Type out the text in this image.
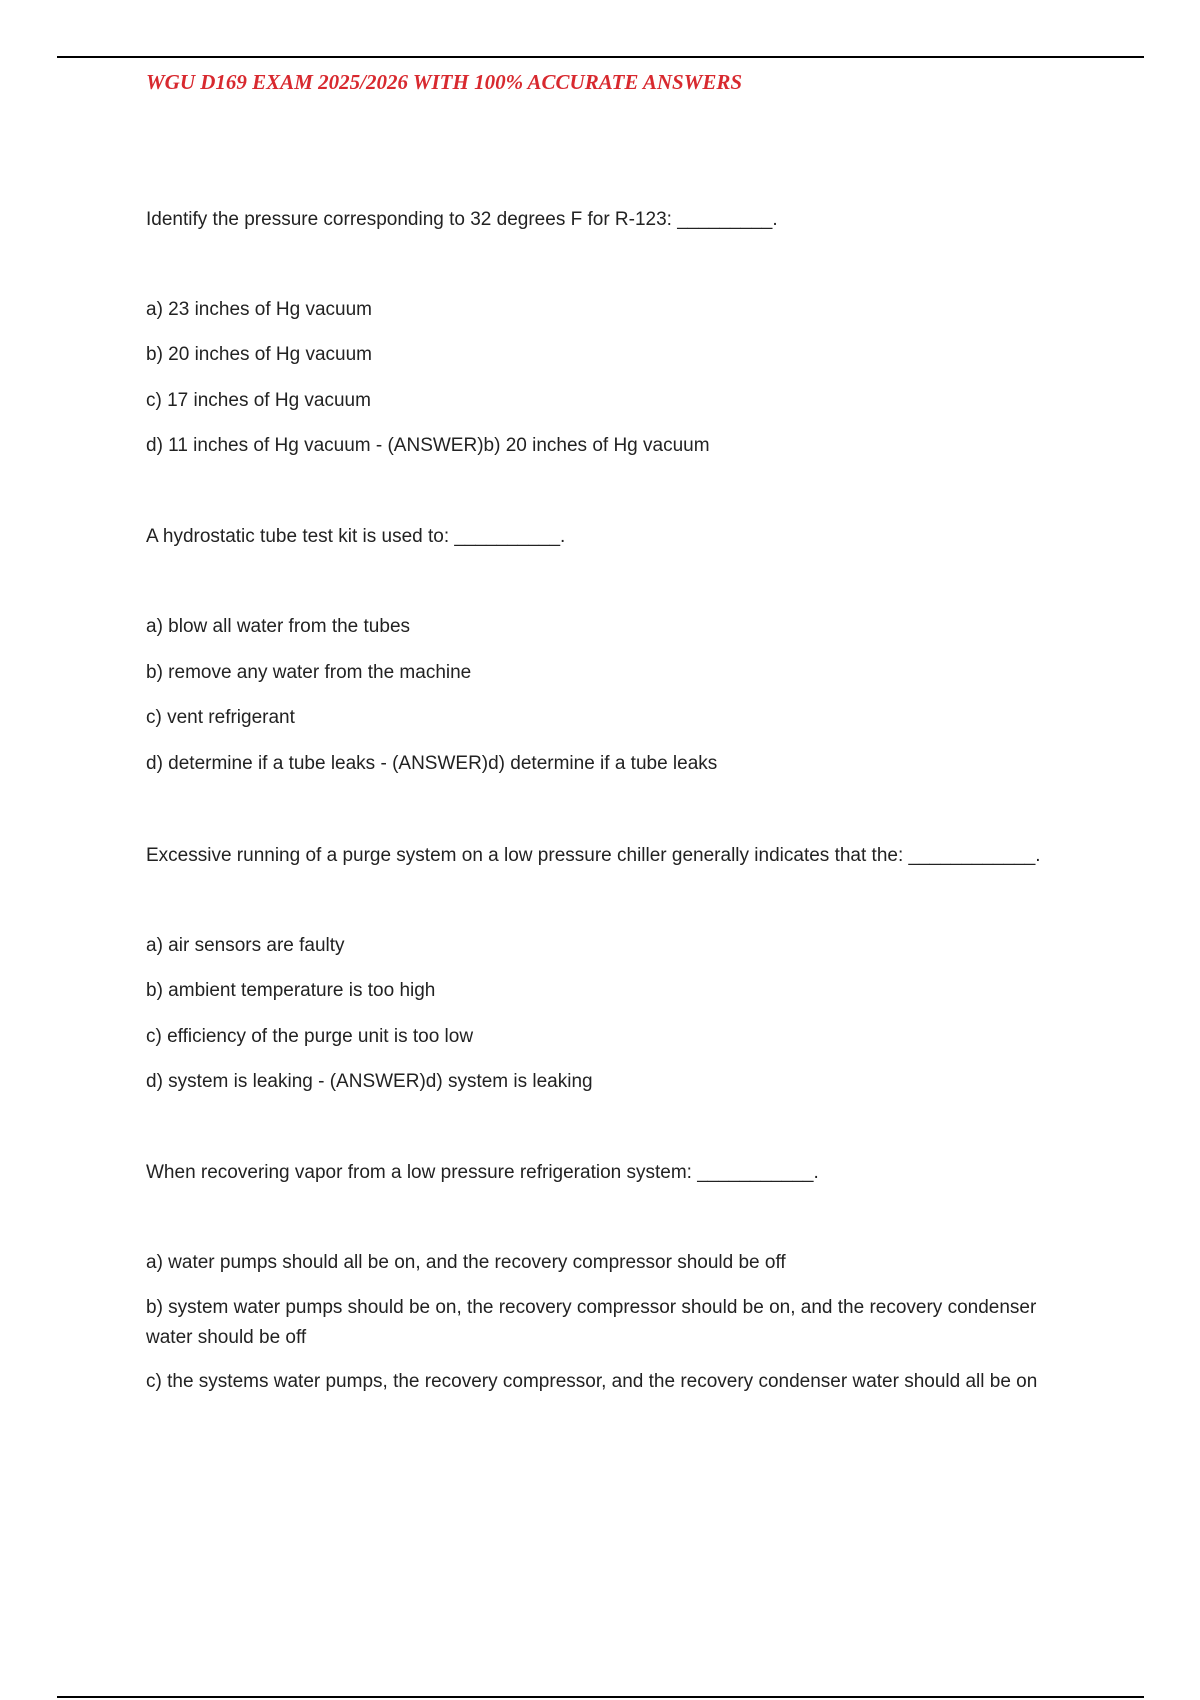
WGU D169 EXAM 2025/2026 WITH 100% ACCURATE ANSWERS
Identify the pressure corresponding to 32 degrees F for R-123: _________.
a) 23 inches of Hg vacuum
b) 20 inches of Hg vacuum
c) 17 inches of Hg vacuum
d) 11 inches of Hg vacuum - (ANSWER)b) 20 inches of Hg vacuum
A hydrostatic tube test kit is used to: __________.
a) blow all water from the tubes
b) remove any water from the machine
c) vent refrigerant
d) determine if a tube leaks - (ANSWER)d) determine if a tube leaks
Excessive running of a purge system on a low pressure chiller generally indicates that the: ____________.
a) air sensors are faulty
b) ambient temperature is too high
c) efficiency of the purge unit is too low
d) system is leaking - (ANSWER)d) system is leaking
When recovering vapor from a low pressure refrigeration system: ___________.
a) water pumps should all be on, and the recovery compressor should be off
b) system water pumps should be on, the recovery compressor should be on, and the recovery condenser water should be off
c) the systems water pumps, the recovery compressor, and the recovery condenser water should all be on
